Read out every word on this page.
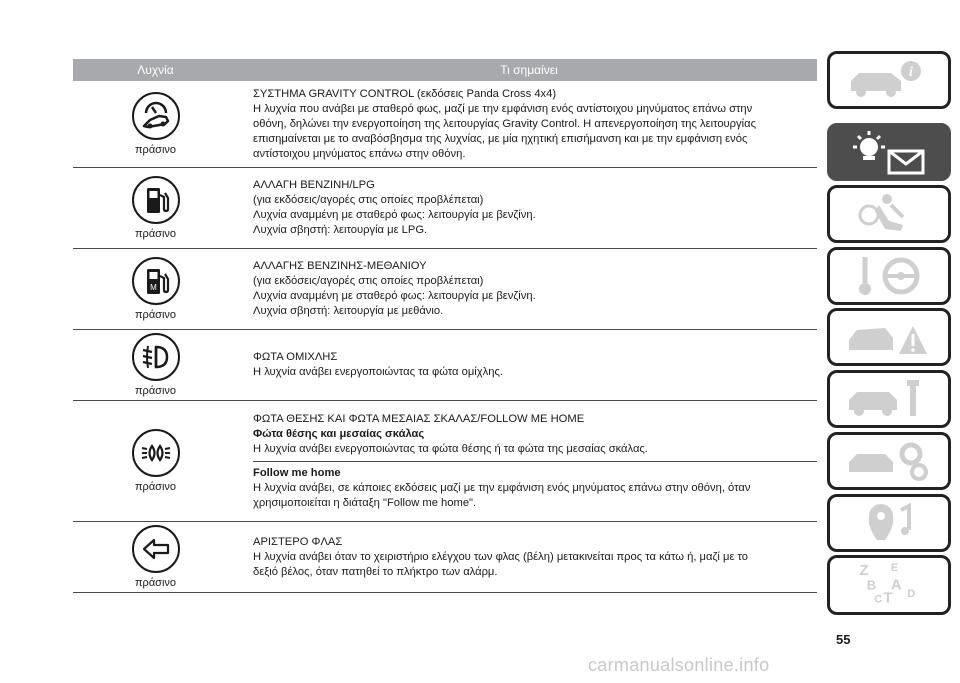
Λυχνία	Τι σημαίνει
πράσινο
ΣΥΣΤΗΜΑ GRAVITY CONTROL (εκδόσεις Panda Cross 4x4)
Η λυχνία που ανάβει με σταθερό φως, μαζί με την εμφάνιση ενός αντίστοιχου μηνύματος επάνω στην
οθόνη, δηλώνει την ενεργοποίηση της λειτουργίας Gravity Control. Η απενεργοποίηση της λειτουργίας
επισημαίνεται με το αναβόσβησμα της λυχνίας, με μία ηχητική επισήμανση και με την εμφάνιση ενός
αντίστοιχου μηνύματος επάνω στην οθόνη.
πράσινο
ΑΛΛΑΓΗ ΒΕΝΖΙΝΗ/LPG
(για εκδόσεις/αγορές στις οποίες προβλέπεται)
Λυχνία αναμμένη με σταθερό φως: λειτουργία με βενζίνη.
Λυχνία σβηστή: λειτουργία με LPG.
M
πράσινο
ΑΛΛΑΓΗΣ ΒΕΝΖΙΝΗΣ-ΜΕΘΑΝΙΟΥ
(για εκδόσεις/αγορές στις οποίες προβλέπεται)
Λυχνία αναμμένη με σταθερό φως: λειτουργία με βενζίνη.
Λυχνία σβηστή: λειτουργία με μεθάνιο.
πράσινο
ΦΩΤΑ ΟΜΙΧΛΗΣ
Η λυχνία ανάβει ενεργοποιώντας τα φώτα ομίχλης.
πράσινο
ΦΩΤΑ ΘΕΣΗΣ ΚΑΙ ΦΩΤΑ ΜΕΣΑΙΑΣ ΣΚΑΛΑΣ/FOLLOW ME HOME
Φώτα θέσης και μεσαίας σκάλας
Η λυχνία ανάβει ενεργοποιώντας τα φώτα θέσης ή τα φώτα της μεσαίας σκάλας.
Follow me home
Η λυχνία ανάβει, σε κάποιες εκδόσεις μαζί με την εμφάνιση ενός μηνύματος επάνω στην οθόνη, όταν
χρησιμοποιείται η διάταξη "Follow me home".
πράσινο
ΑΡΙΣΤΕΡΟ ΦΛΑΣ
Η λυχνία ανάβει όταν το χειριστήριο ελέγχου των φλας (βέλη) μετακινείται προς τα κάτω ή, μαζί με το
δεξιό βέλος, όταν πατηθεί το πλήκτρο των αλάρμ.
i
Z E
B A
C T D
55
carmanualsonline.info
